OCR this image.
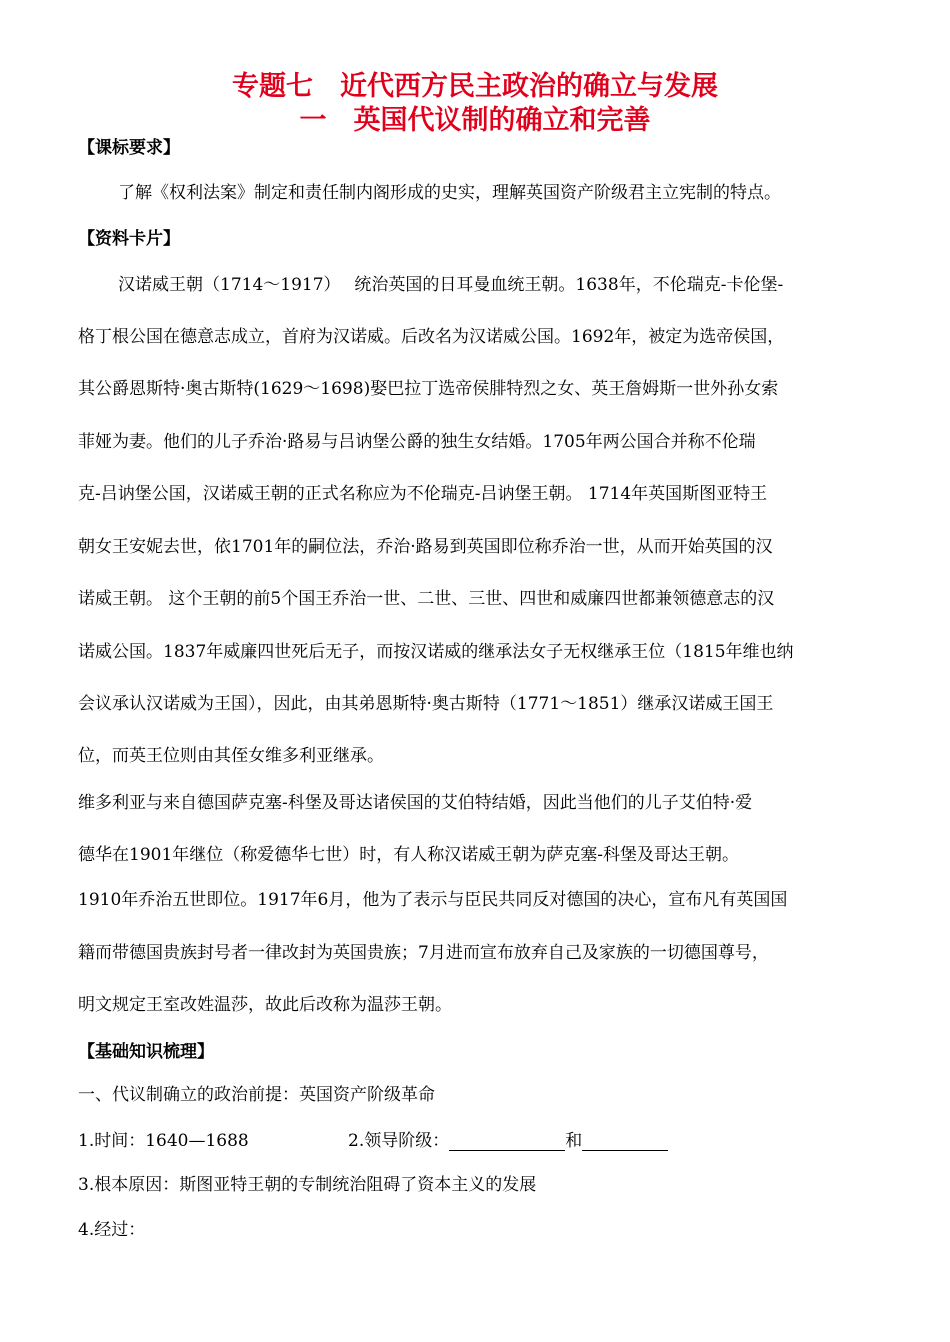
专题七　近代西方民主政治的确立与发展
一　英国代议制的确立和完善
【课标要求】
了解《权利法案》制定和责任制内阁形成的史实，理解英国资产阶级君主立宪制的特点。
【资料卡片】
汉诺威王朝（1714～1917）　 统治英国的日耳曼血统王朝。1638年，不伦瑞克-卡伦堡-
格丁根公国在德意志成立，首府为汉诺威。后改名为汉诺威公国。1692年，被定为选帝侯国，
其公爵恩斯特·奥古斯特(1629～1698)娶巴拉丁选帝侯腓特烈之女、英王詹姆斯一世外孙女索
菲娅为妻。他们的儿子乔治·路易与吕讷堡公爵的独生女结婚。1705年两公国合并称不伦瑞
克-吕讷堡公国，汉诺威王朝的正式名称应为不伦瑞克-吕讷堡王朝。 1714年英国斯图亚特王
朝女王安妮去世，依1701年的嗣位法，乔治·路易到英国即位称乔治一世，从而开始英国的汉
诺威王朝。 这个王朝的前5个国王乔治一世、二世、三世、四世和威廉四世都兼领德意志的汉
诺威公国。1837年威廉四世死后无子，而按汉诺威的继承法女子无权继承王位（1815年维也纳
会议承认汉诺威为王国），因此，由其弟恩斯特·奥古斯特（1771～1851）继承汉诺威王国王
位，而英王位则由其侄女维多利亚继承。
维多利亚与来自德国萨克塞-科堡及哥达诸侯国的艾伯特结婚，因此当他们的儿子艾伯特·爱
德华在1901年继位（称爱德华七世）时，有人称汉诺威王朝为萨克塞-科堡及哥达王朝。
1910年乔治五世即位。1917年6月，他为了表示与臣民共同反对德国的决心，宣布凡有英国国
籍而带德国贵族封号者一律改封为英国贵族；7月进而宣布放弃自己及家族的一切德国尊号，
明文规定王室改姓温莎，故此后改称为温莎王朝。
【基础知识梳理】
一、代议制确立的政治前提：英国资产阶级革命
1.时间：1640—1688	2.领导阶级：	和
3.根本原因：斯图亚特王朝的专制统治阻碍了资本主义的发展
4.经过：
